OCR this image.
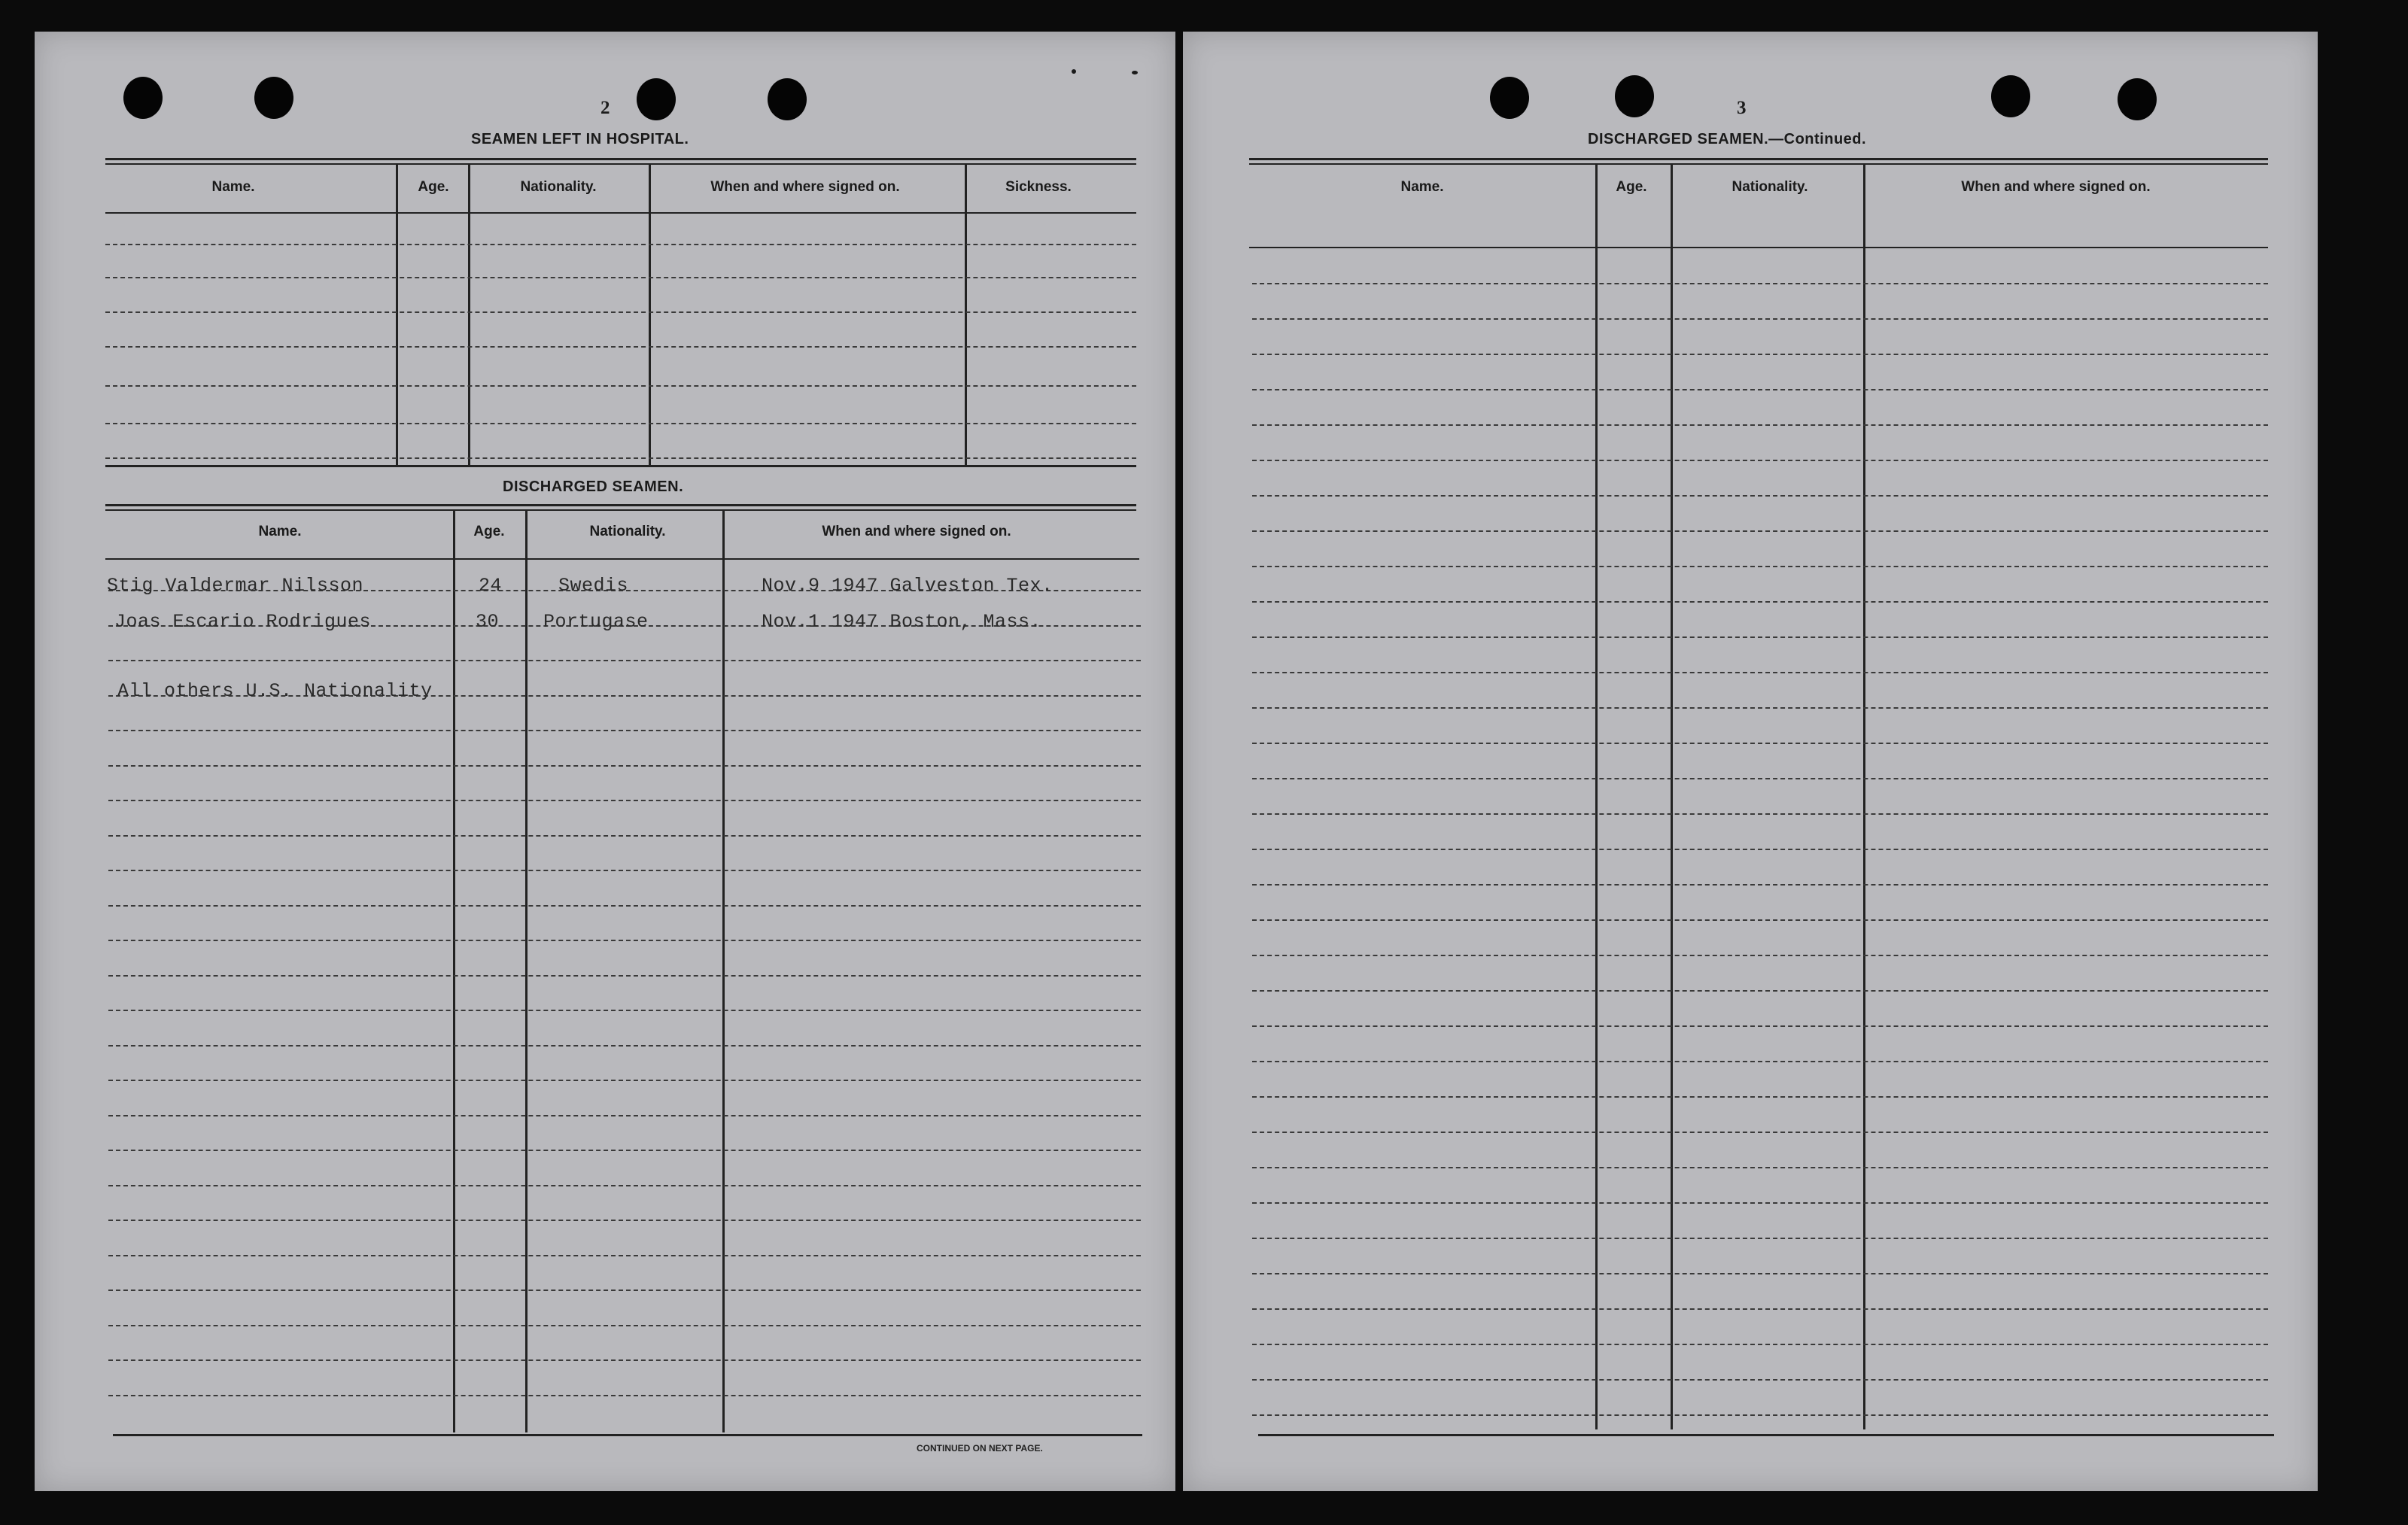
2
SEAMEN LEFT IN HOSPITAL.
Name.	Age.	Nationality.	When and where signed on.	Sickness.
DISCHARGED SEAMEN.
Name.	Age.	Nationality.	When and where signed on.
Stig Valdermar Nilsson	24	Swedis	Nov.9 1947 Galveston Tex.
Joas Escario Rodrigues	30 Portugase	Nov.1 1947 Boston, Mass.
All others U.S. Nationality
CONTINUED ON NEXT PAGE.
3
DISCHARGED SEAMEN.—Continued.
Name.	Age.	Nationality.	When and where signed on.
